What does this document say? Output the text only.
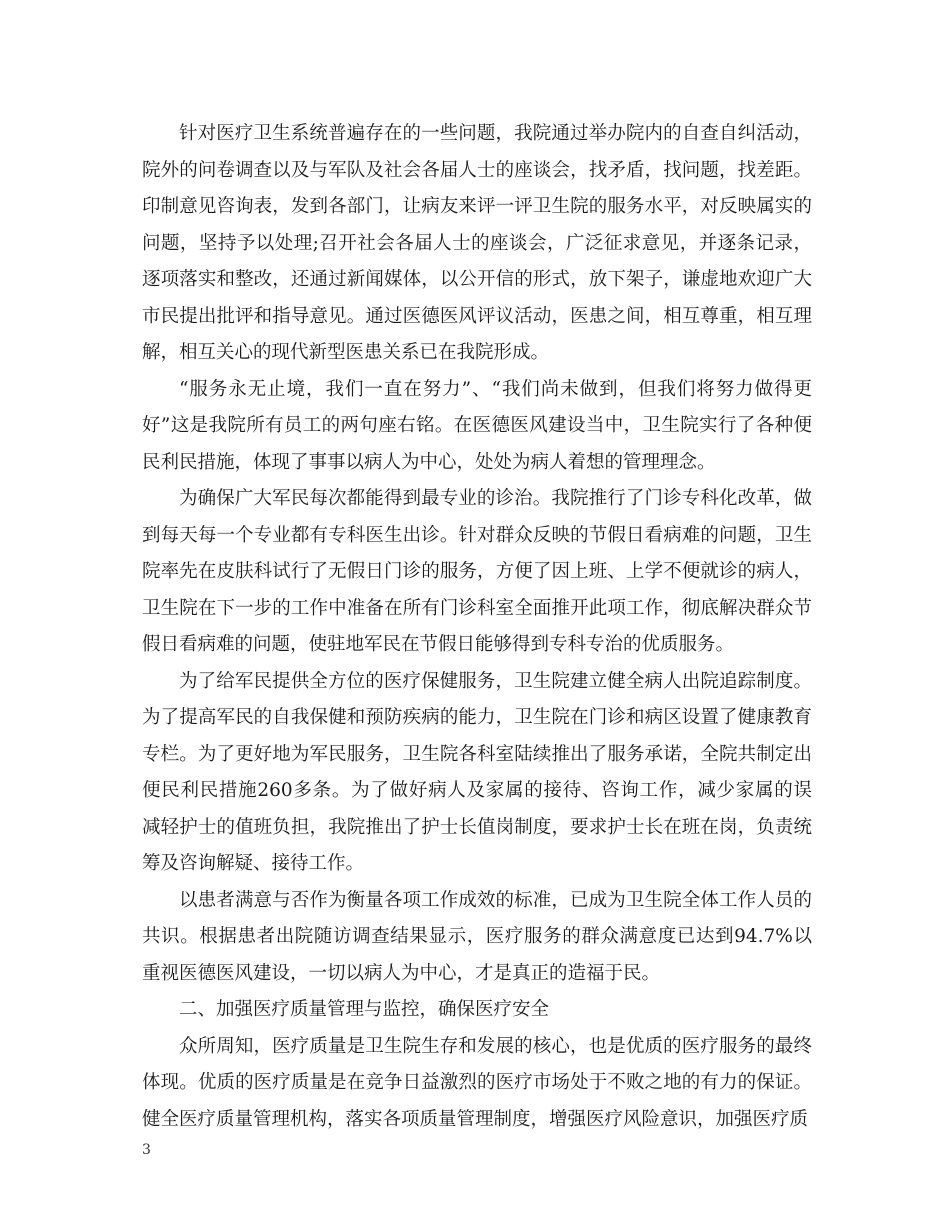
针对医疗卫生系统普遍存在的一些问题，我院通过举办院内的自查自纠活动，
院外的问卷调查以及与军队及社会各届人士的座谈会，找矛盾，找问题，找差距。
印制意见咨询表，发到各部门，让病友来评一评卫生院的服务水平，对反映属实的
问题，坚持予以处理;召开社会各届人士的座谈会，广泛征求意见，并逐条记录，
逐项落实和整改，还通过新闻媒体，以公开信的形式，放下架子，谦虚地欢迎广大
市民提出批评和指导意见。通过医德医风评议活动，医患之间，相互尊重，相互理
解，相互关心的现代新型医患关系已在我院形成。
“服务永无止境，我们一直在努力”、“我们尚未做到，但我们将努力做得更
好”这是我院所有员工的两句座右铭。在医德医风建设当中，卫生院实行了各种便
民利民措施，体现了事事以病人为中心，处处为病人着想的管理理念。
为确保广大军民每次都能得到最专业的诊治。我院推行了门诊专科化改革，做
到每天每一个专业都有专科医生出诊。针对群众反映的节假日看病难的问题，卫生
院率先在皮肤科试行了无假日门诊的服务，方便了因上班、上学不便就诊的病人，
卫生院在下一步的工作中准备在所有门诊科室全面推开此项工作，彻底解决群众节
假日看病难的问题，使驻地军民在节假日能够得到专科专治的优质服务。
为了给军民提供全方位的医疗保健服务，卫生院建立健全病人出院追踪制度。
为了提高军民的自我保健和预防疾病的能力，卫生院在门诊和病区设置了健康教育
专栏。为了更好地为军民服务，卫生院各科室陆续推出了服务承诺，全院共制定出
便民利民措施260多条。为了做好病人及家属的接待、咨询工作，减少家属的误
减轻护士的值班负担，我院推出了护士长值岗制度，要求护士长在班在岗，负责统
筹及咨询解疑、接待工作。
以患者满意与否作为衡量各项工作成效的标准，已成为卫生院全体工作人员的
共识。根据患者出院随访调查结果显示，医疗服务的群众满意度已达到94.7%以
重视医德医风建设，一切以病人为中心，才是真正的造福于民。
二、加强医疗质量管理与监控，确保医疗安全
众所周知，医疗质量是卫生院生存和发展的核心，也是优质的医疗服务的最终
体现。优质的医疗质量是在竞争日益激烈的医疗市场处于不败之地的有力的保证。
健全医疗质量管理机构，落实各项质量管理制度，增强医疗风险意识，加强医疗质
3
